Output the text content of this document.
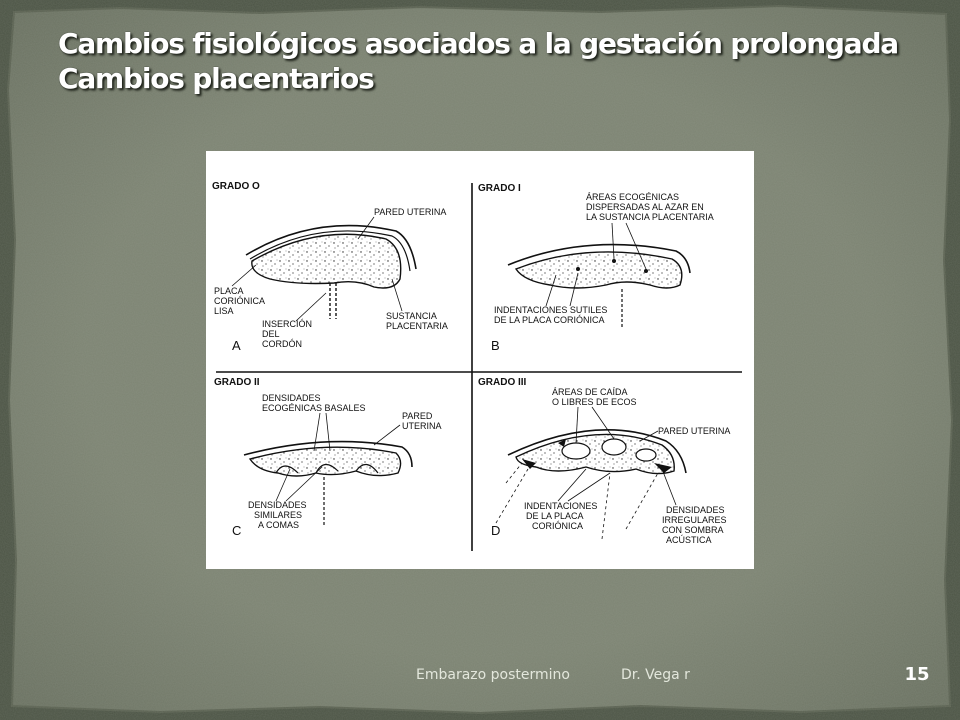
Cambios fisiológicos asociados a la gestación prolongada
Cambios placentarios
GRADO O
PARED UTERINA
PLACA
CORIÓNICA
LISA
INSERCIÓN
DEL
CORDÓN
SUSTANCIA
PLACENTARIA
A
GRADO I
ÁREAS ECOGÉNICAS
DISPERSADAS AL AZAR EN
LA SUSTANCIA PLACENTARIA
INDENTACIONES SUTILES
DE LA PLACA CORIÓNICA
B
GRADO II
DENSIDADES
ECOGÉNICAS BASALES
PARED
UTERINA
DENSIDADES
SIMILARES
A COMAS
C
GRADO III
ÁREAS DE CAÍDA
O LIBRES DE ECOS
PARED UTERINA
INDENTACIONES
DE LA PLACA
CORIÓNICA
DENSIDADES
IRREGULARES
CON SOMBRA
ACÚSTICA
D
Embarazo postermino	Dr. Vega r	15
